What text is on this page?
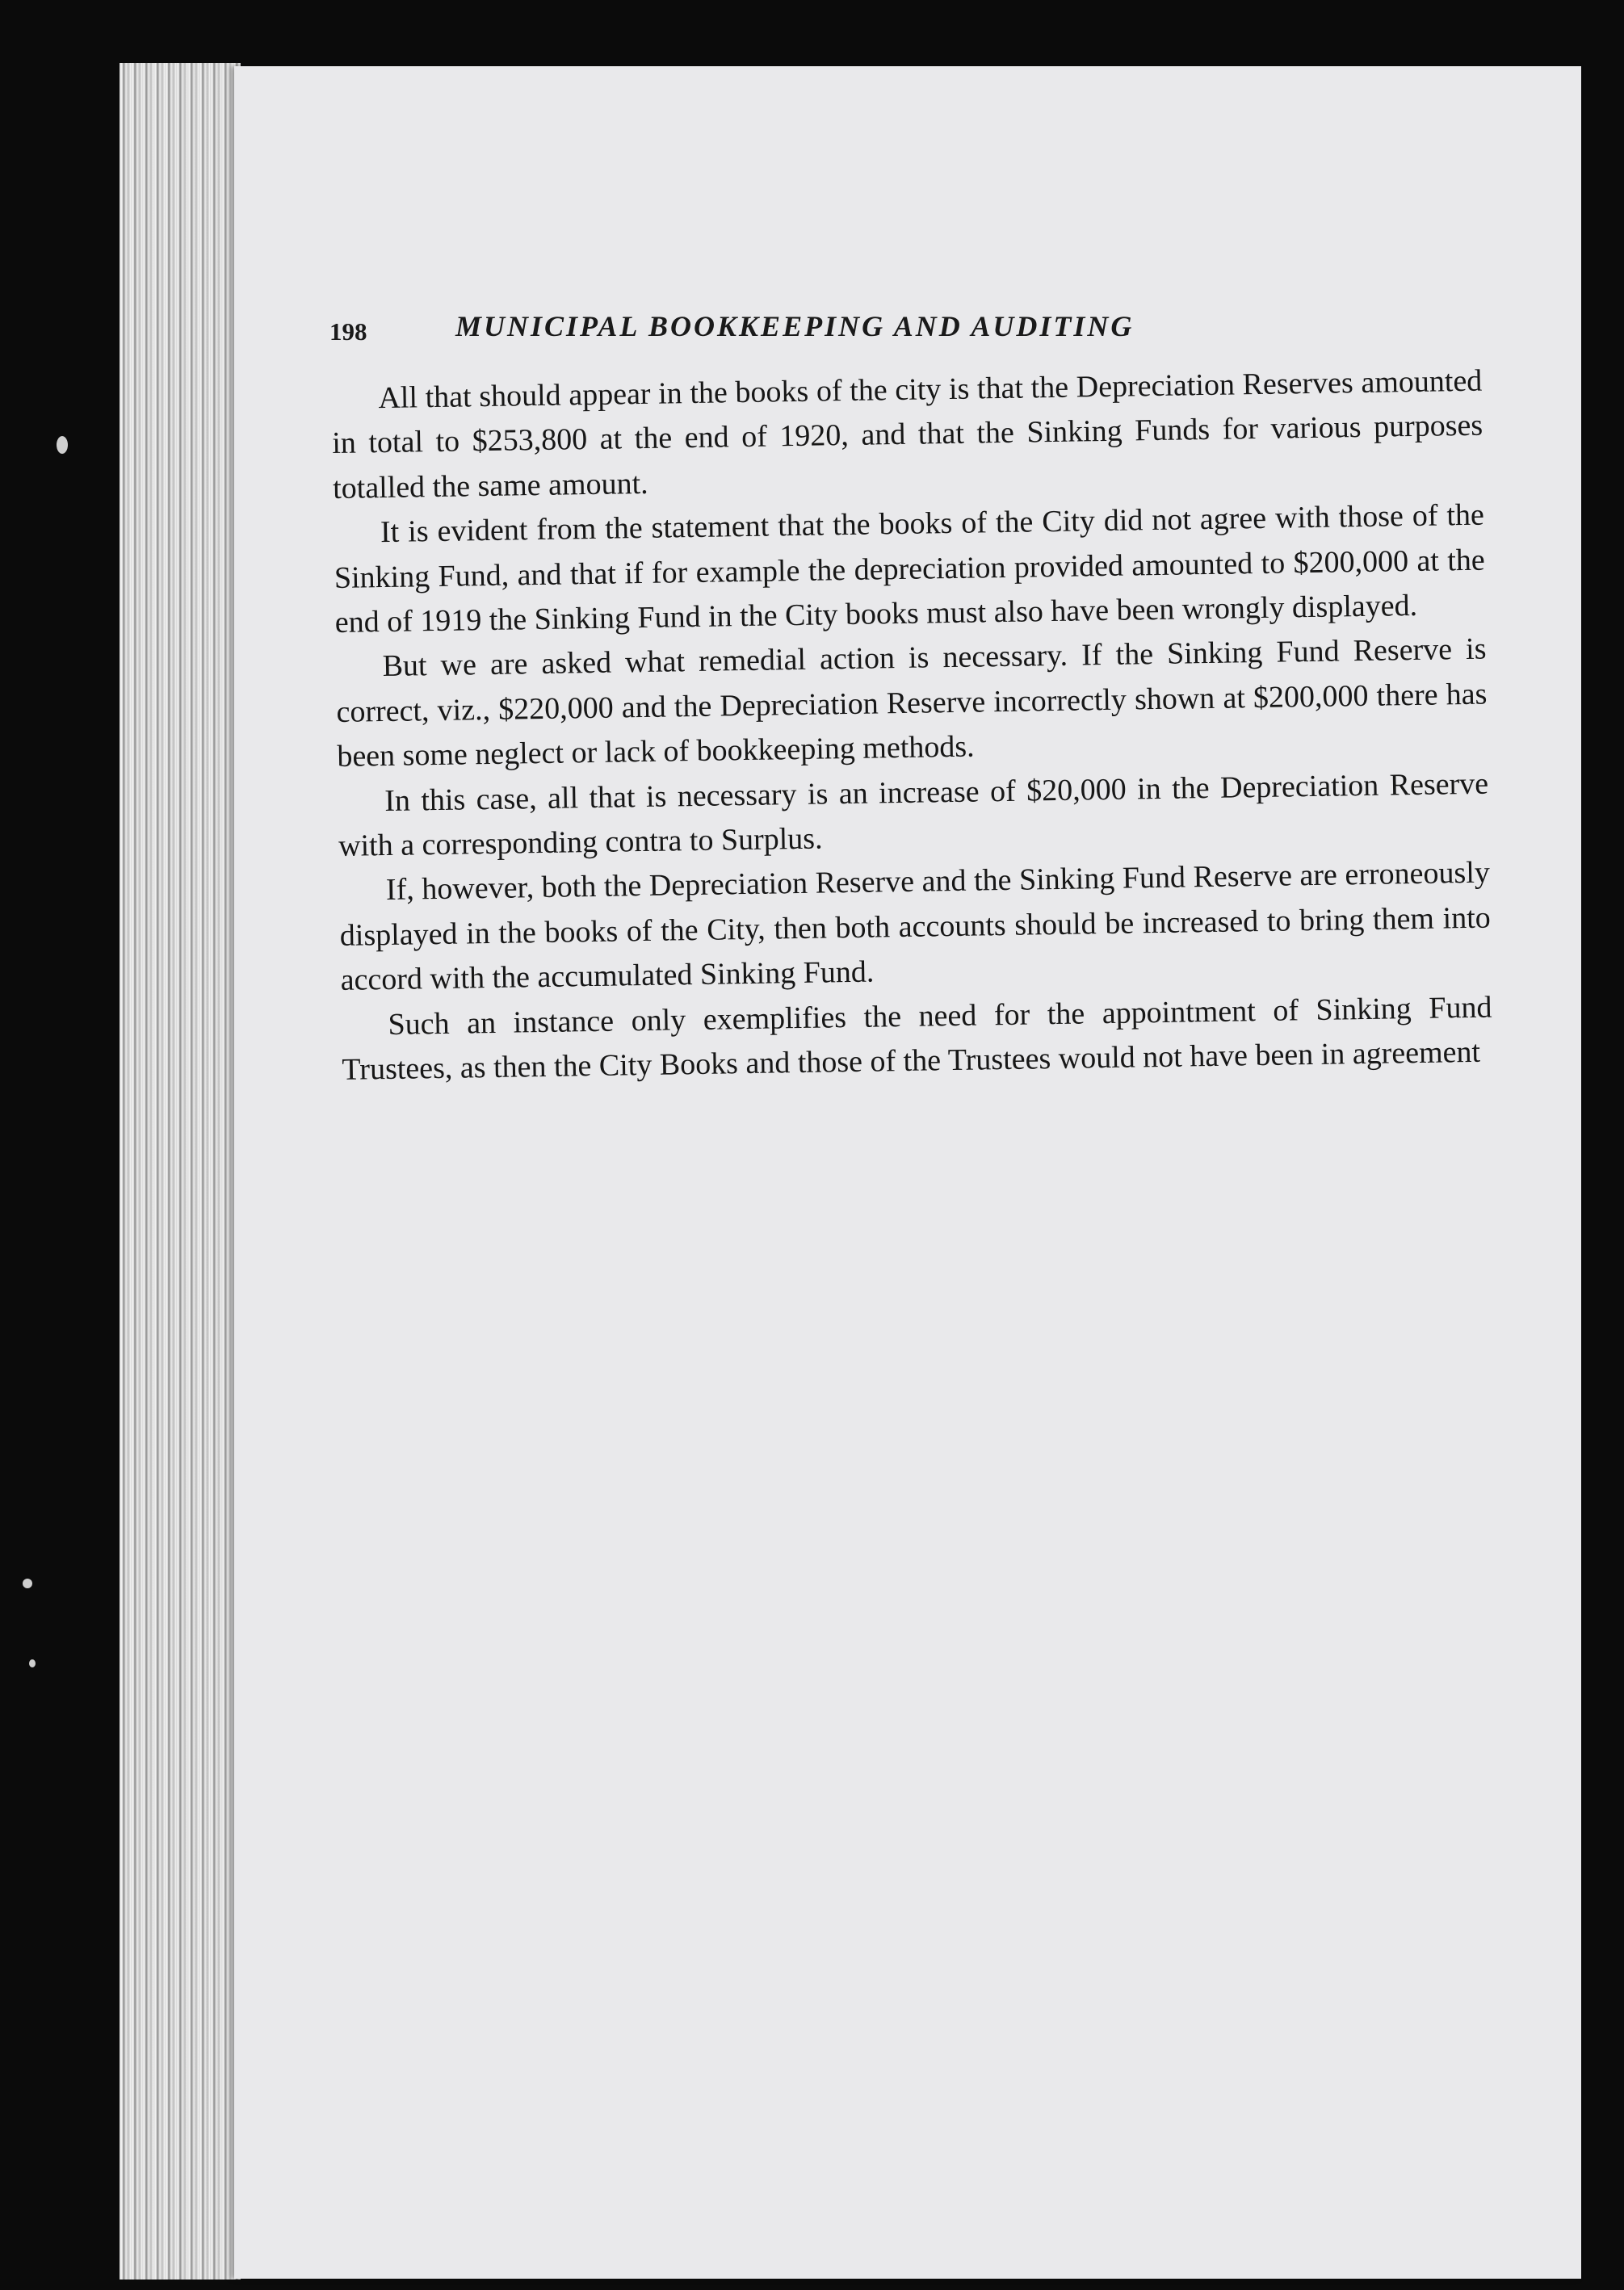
198	MUNICIPAL BOOKKEEPING AND AUDITING

All that should appear in the books of the city is that the Depreciation Reserves amounted in total to $253,800 at the end of 1920, and that the Sinking Funds for various purposes totalled the same amount.

It is evident from the statement that the books of the City did not agree with those of the Sinking Fund, and that if for example the depreciation provided amounted to $200,000 at the end of 1919 the Sinking Fund in the City books must also have been wrongly displayed.

But we are asked what remedial action is necessary. If the Sinking Fund Reserve is correct, viz., $220,000 and the Depreciation Reserve incorrectly shown at $200,000 there has been some neglect or lack of bookkeeping methods.

In this case, all that is necessary is an increase of $20,000 in the Depreciation Reserve with a corresponding contra to Surplus.

If, however, both the Depreciation Reserve and the Sinking Fund Reserve are erroneously displayed in the books of the City, then both accounts should be increased to bring them into accord with the accumulated Sinking Fund.

Such an instance only exemplifies the need for the appointment of Sinking Fund Trustees, as then the City Books and those of the Trustees would not have been in agreement
